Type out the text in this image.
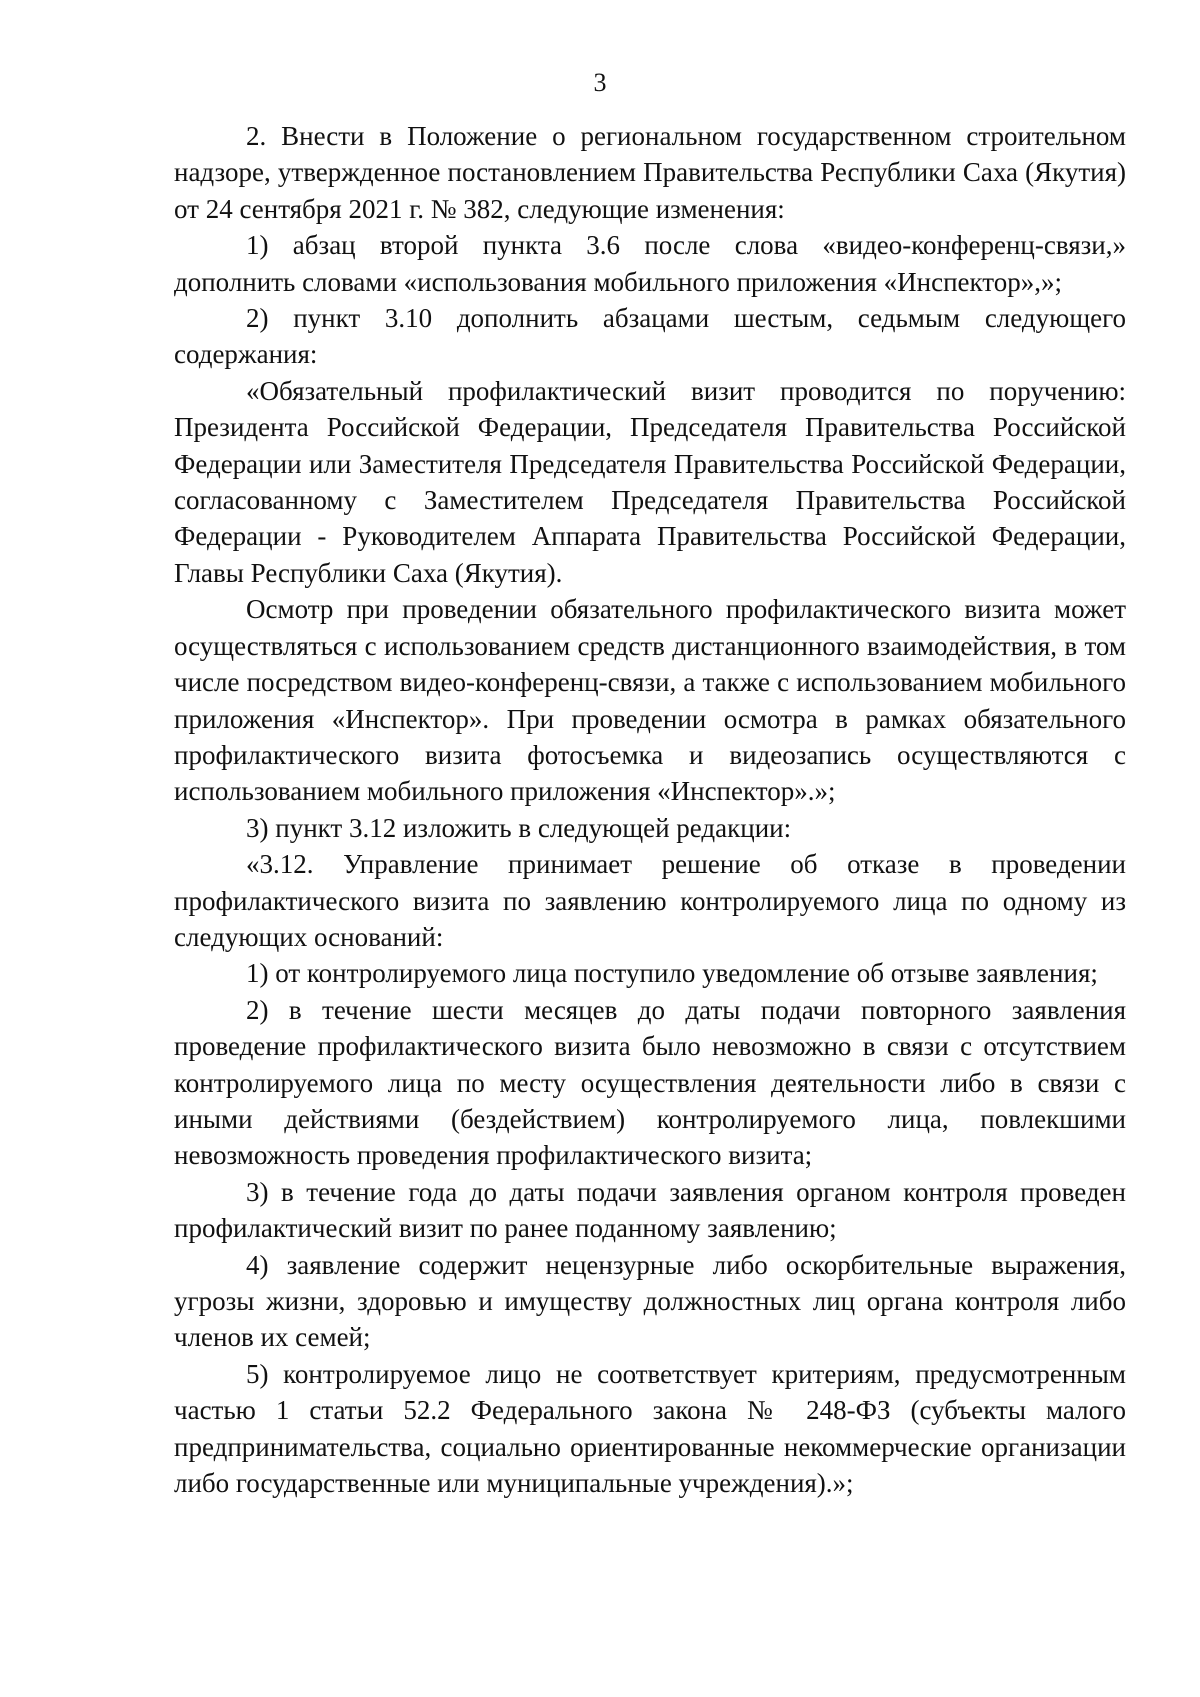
3

2. Внести в Положение о региональном государственном строительном надзоре, утвержденное постановлением Правительства Республики Саха (Якутия) от 24 сентября 2021 г. № 382, следующие изменения:

1) абзац второй пункта 3.6 после слова «видео-конференц-связи,» дополнить словами «использования мобильного приложения «Инспектор»,»;

2) пункт 3.10 дополнить абзацами шестым, седьмым следующего содержания:

«Обязательный профилактический визит проводится по поручению: Президента Российской Федерации, Председателя Правительства Российской Федерации или Заместителя Председателя Правительства Российской Федерации, согласованному с Заместителем Председателя Правительства Российской Федерации - Руководителем Аппарата Правительства Российской Федерации, Главы Республики Саха (Якутия).

Осмотр при проведении обязательного профилактического визита может осуществляться с использованием средств дистанционного взаимодействия, в том числе посредством видео-конференц-связи, а также с использованием мобильного приложения «Инспектор». При проведении осмотра в рамках обязательного профилактического визита фотосъемка и видеозапись осуществляются с использованием мобильного приложения «Инспектор».»;

3) пункт 3.12 изложить в следующей редакции:

«3.12. Управление принимает решение об отказе в проведении профилактического визита по заявлению контролируемого лица по одному из следующих оснований:

1) от контролируемого лица поступило уведомление об отзыве заявления;

2) в течение шести месяцев до даты подачи повторного заявления проведение профилактического визита было невозможно в связи с отсутствием контролируемого лица по месту осуществления деятельности либо в связи с иными действиями (бездействием) контролируемого лица, повлекшими невозможность проведения профилактического визита;

3) в течение года до даты подачи заявления органом контроля проведен профилактический визит по ранее поданному заявлению;

4) заявление содержит нецензурные либо оскорбительные выражения, угрозы жизни, здоровью и имуществу должностных лиц органа контроля либо членов их семей;

5) контролируемое лицо не соответствует критериям, предусмотренным частью 1 статьи 52.2 Федерального закона № 248-ФЗ (субъекты малого предпринимательства, социально ориентированные некоммерческие организации либо государственные или муниципальные учреждения).»;
